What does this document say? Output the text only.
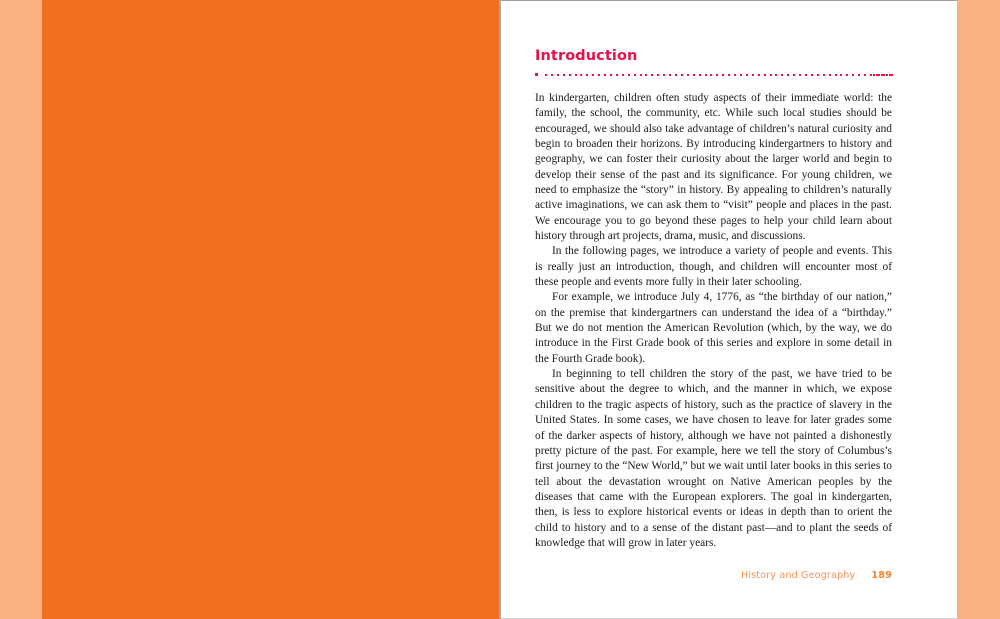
Introduction

In kindergarten, children often study aspects of their immediate world: the family, the school, the community, etc. While such local studies should be encouraged, we should also take advantage of children’s natural curiosity and begin to broaden their horizons. By introducing kindergartners to history and geography, we can foster their curiosity about the larger world and begin to develop their sense of the past and its significance. For young children, we need to emphasize the “story” in history. By appealing to children’s naturally active imaginations, we can ask them to “visit” people and places in the past. We encourage you to go beyond these pages to help your child learn about history through art projects, drama, music, and discussions.

In the following pages, we introduce a variety of people and events. This is really just an introduction, though, and children will encounter most of these people and events more fully in their later schooling.

For example, we introduce July 4, 1776, as “the birthday of our nation,” on the premise that kindergartners can understand the idea of a “birthday.” But we do not mention the American Revolution (which, by the way, we do introduce in the First Grade book of this series and explore in some detail in the Fourth Grade book).

In beginning to tell children the story of the past, we have tried to be sensitive about the degree to which, and the manner in which, we expose children to the tragic aspects of history, such as the practice of slavery in the United States. In some cases, we have chosen to leave for later grades some of the darker aspects of history, although we have not painted a dishonestly pretty picture of the past. For example, here we tell the story of Columbus’s first journey to the “New World,” but we wait until later books in this series to tell about the devastation wrought on Native American peoples by the diseases that came with the European explorers. The goal in kindergarten, then, is less to explore historical events or ideas in depth than to orient the child to history and to a sense of the distant past—and to plant the seeds of knowledge that will grow in later years.

History and Geography 189
